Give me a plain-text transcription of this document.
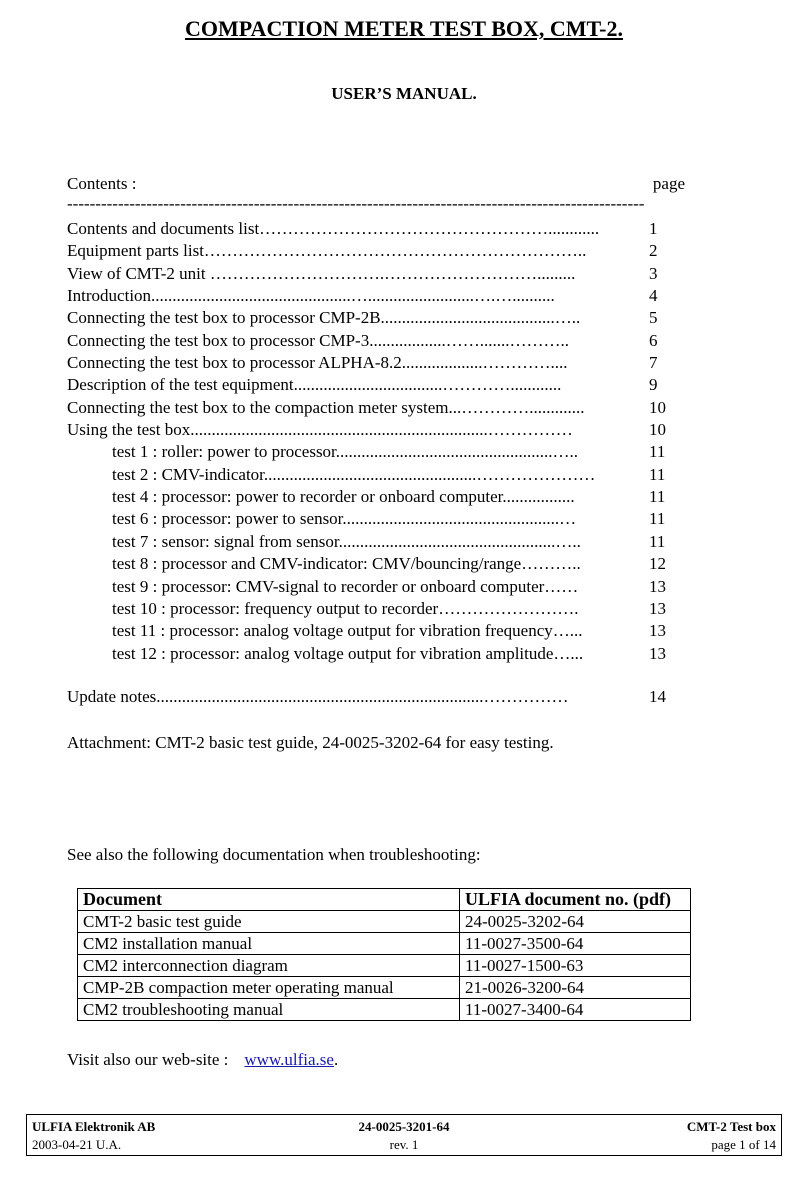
COMPACTION METER TEST BOX, CMT-2.
USER’S MANUAL.
Contents :	page
------------------------------------------------------------------------------------------------------
Contents and documents list……………………………………………............	1
Equipment parts list…………………………………………………………..	2
View of CMT-2 unit ………………………….……………………….........	3
Introduction...............................................….........................….…..........	4
Connecting the test box to processor CMP-2B.........................................…..	5
Connecting the test box to processor CMP-3..................…….......………..	6
Connecting the test box to processor ALPHA-8.2...................…………....	7
Description of the test equipment...................................…………............	9
Connecting the test box to the compaction meter system...………….............	10
Using the test box......................................................................……………	10
test 1 : roller: power to processor...................................................…..	11
test 2 : CMV-indicator..................................................…………………	11
test 4 : processor: power to recorder or onboard computer.................	11
test 6 : processor: power to sensor...................................................…	11
test 7 : sensor: signal from sensor...................................................…..	11
test 8 : processor and CMV-indicator: CMV/bouncing/range………..	12
test 9 : processor: CMV-signal to recorder or onboard computer……	13
test 10 : processor: frequency output to recorder…………………….	13
test 11 : processor: analog voltage output for vibration frequency…...	13
test 12 : processor: analog voltage output for vibration amplitude…...	13
Update notes.............................................................................……………	14
Attachment: CMT-2 basic test guide, 24-0025-3202-64 for easy testing.
See also the following documentation when troubleshooting:
Document	ULFIA document no. (pdf)
CMT-2 basic test guide	24-0025-3202-64
CM2 installation manual	11-0027-3500-64
CM2 interconnection diagram	11-0027-1500-63
CMP-2B compaction meter operating manual	21-0026-3200-64
CM2 troubleshooting manual	11-0027-3400-64
Visit also our web-site : www.ulfia.se.
ULFIA Elektronik AB	24-0025-3201-64	CMT-2 Test box
2003-04-21 U.A.	rev. 1	page 1 of 14
